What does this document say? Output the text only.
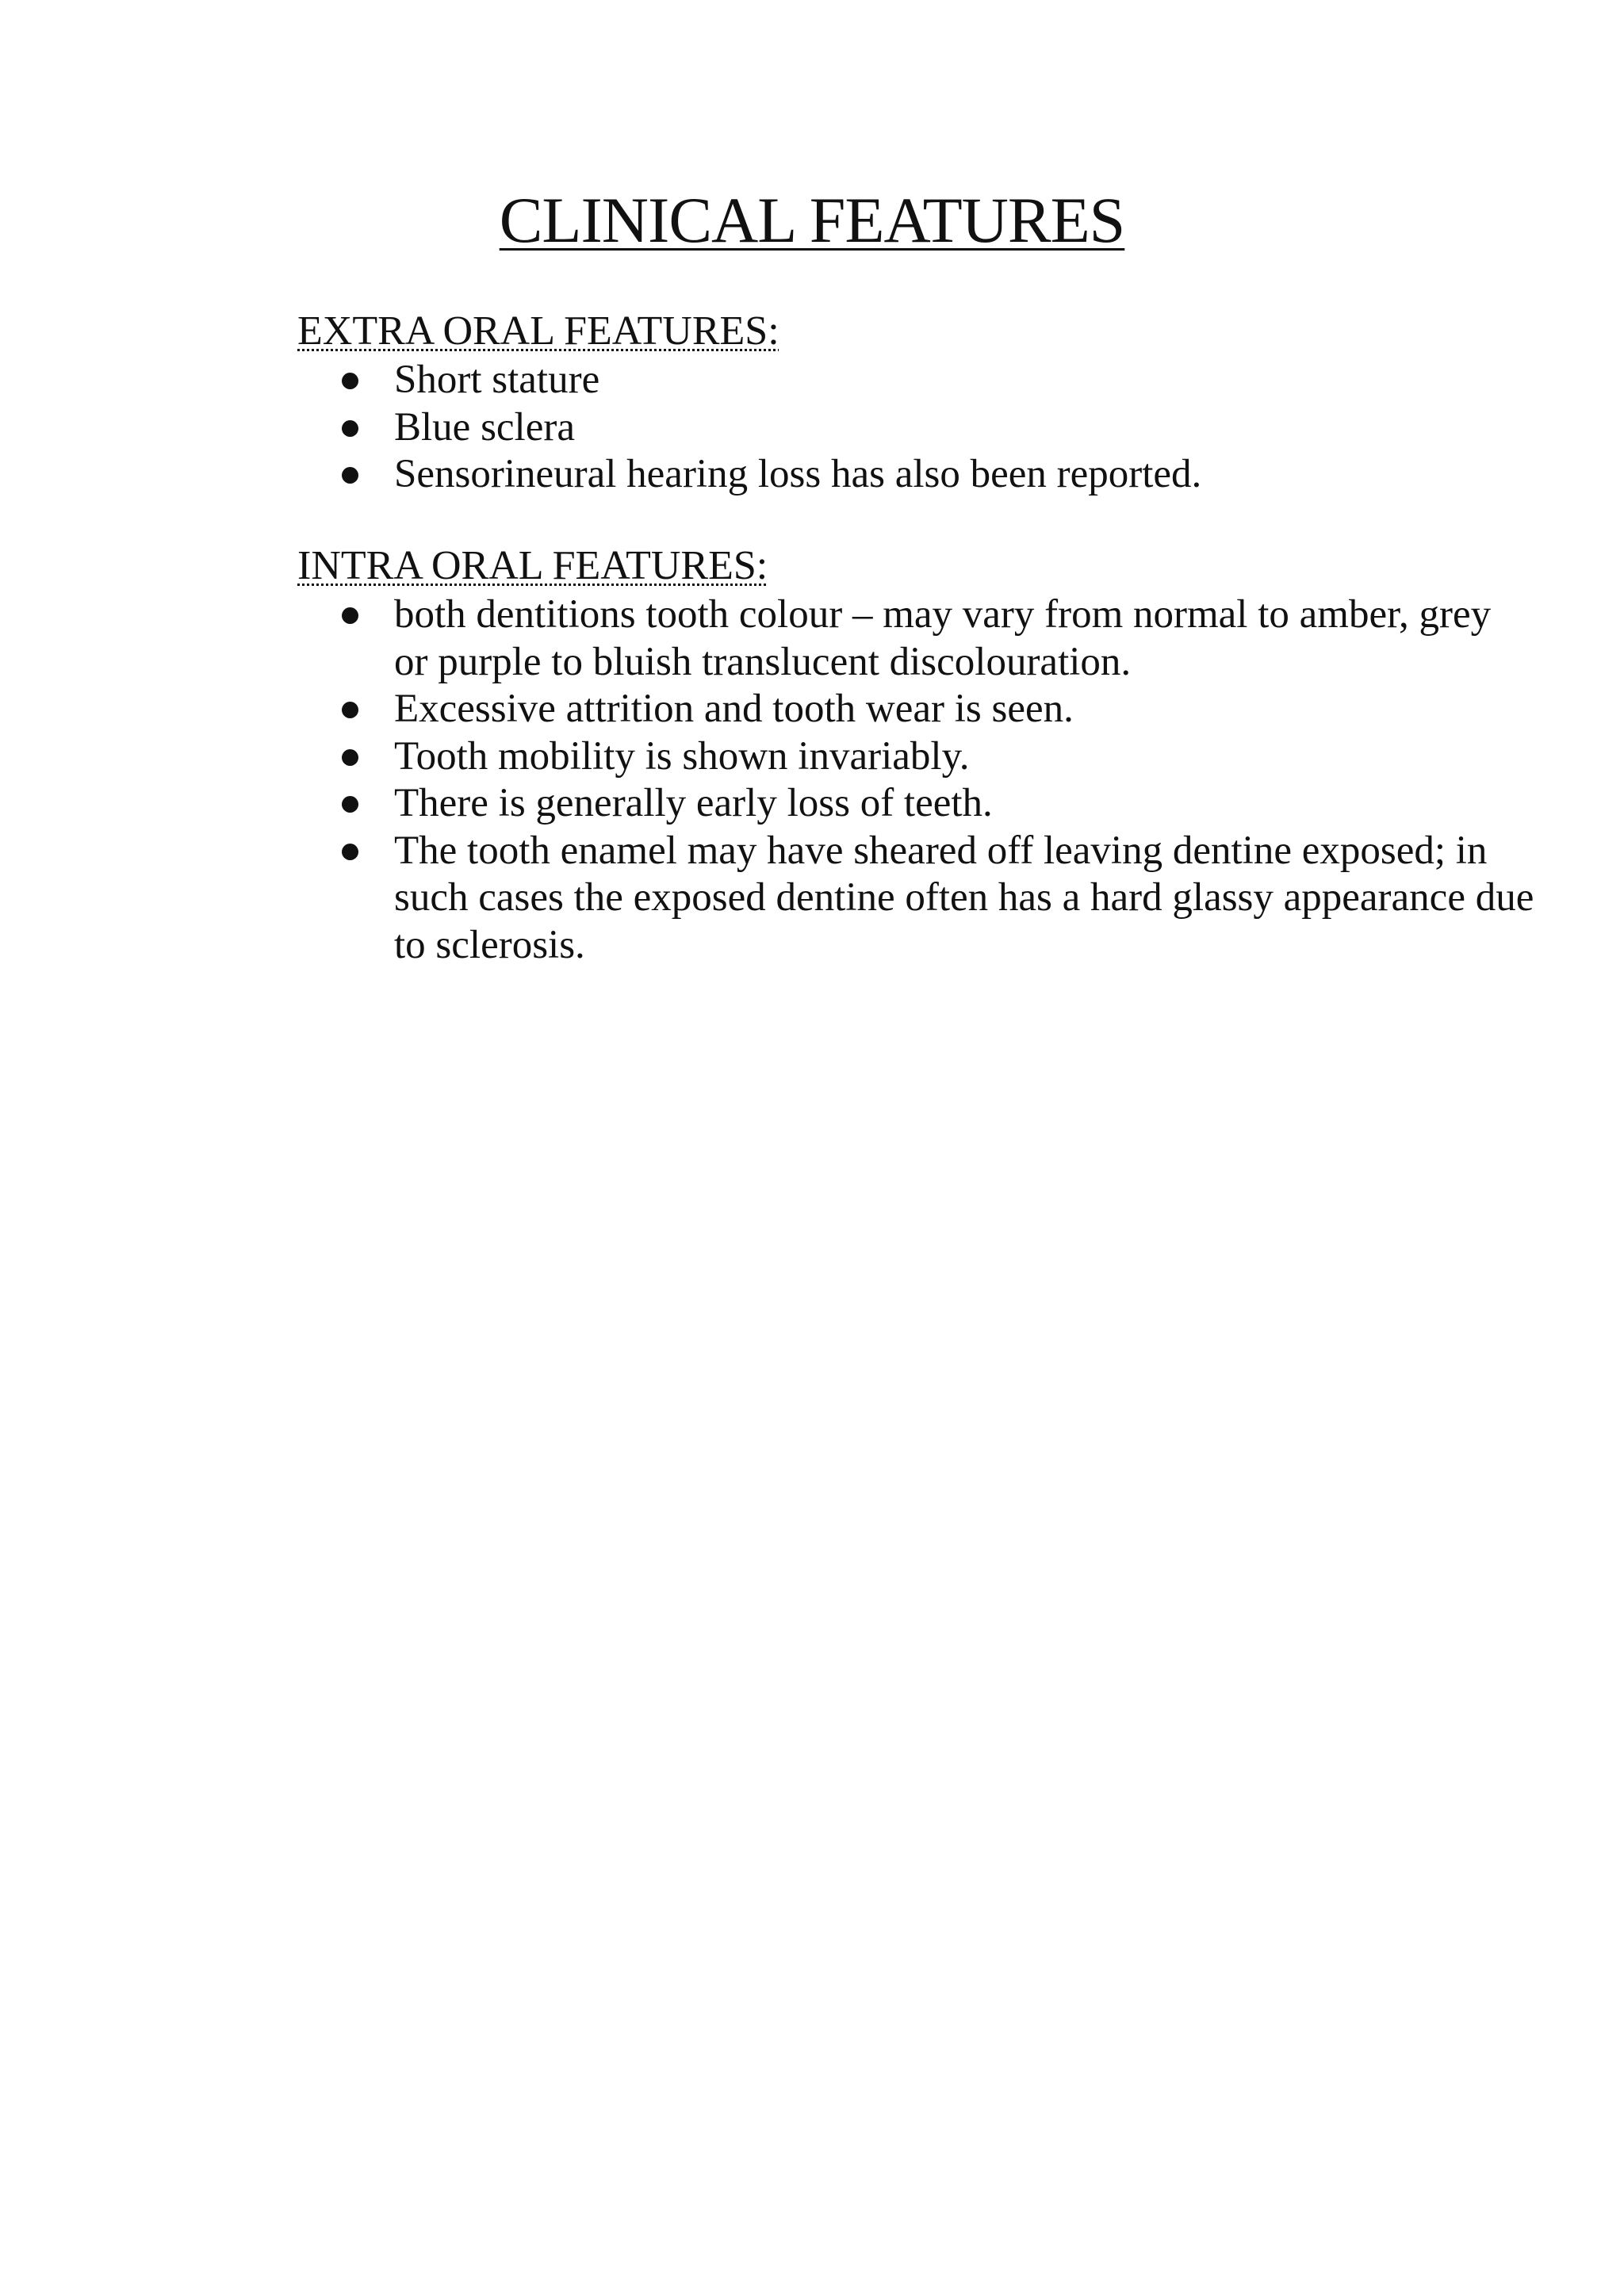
CLINICAL FEATURES
EXTRA ORAL FEATURES:
Short stature
Blue sclera
Sensorineural hearing loss has also been reported.
INTRA ORAL FEATURES:
both dentitions tooth colour – may vary from normal to amber, grey or purple to bluish translucent discolouration.
Excessive attrition and tooth wear is seen.
Tooth mobility is shown invariably.
There is generally early loss of teeth.
The tooth enamel may have sheared off leaving dentine exposed; in such cases the exposed dentine often has a hard glassy appearance due to sclerosis.
